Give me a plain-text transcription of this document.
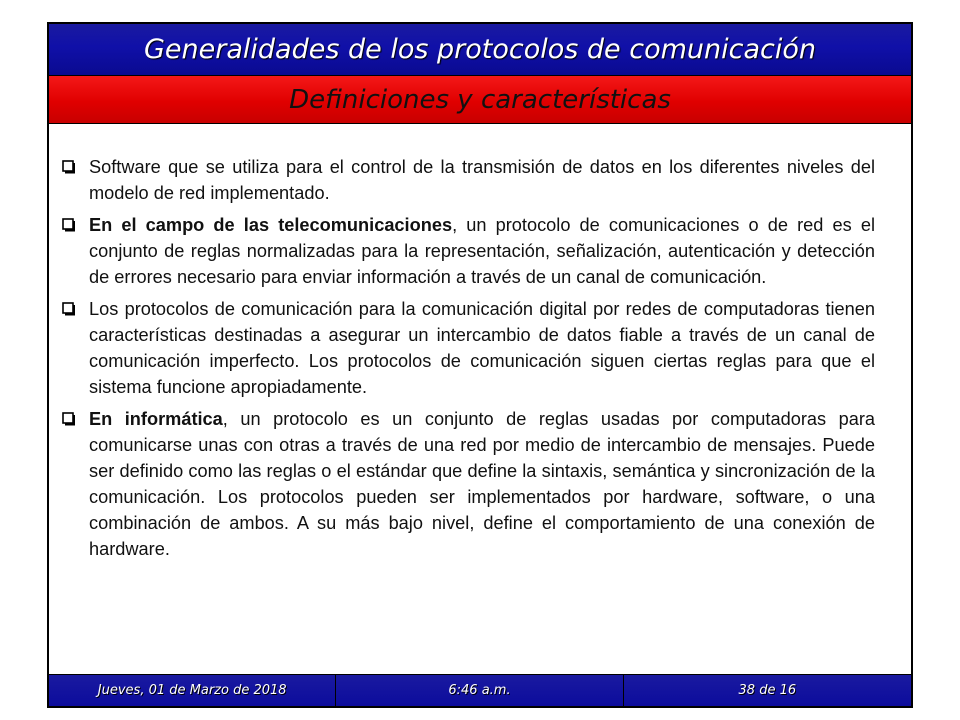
Generalidades de los protocolos de comunicación
Definiciones y características
Software que se utiliza para el control de la transmisión de datos en los diferentes niveles del modelo de red implementado.
En el campo de las telecomunicaciones, un protocolo de comunicaciones o de red es el conjunto de reglas normalizadas para la representación, señalización, autenticación y detección de errores necesario para enviar información a través de un canal de comunicación.
Los protocolos de comunicación para la comunicación digital por redes de computadoras tienen características destinadas a asegurar un intercambio de datos fiable a través de un canal de comunicación imperfecto. Los protocolos de comunicación siguen ciertas reglas para que el sistema funcione apropiadamente.
En informática, un protocolo es un conjunto de reglas usadas por computadoras para comunicarse unas con otras a través de una red por medio de intercambio de mensajes. Puede ser definido como las reglas o el estándar que define la sintaxis, semántica y sincronización de la comunicación. Los protocolos pueden ser implementados por hardware, software, o una combinación de ambos. A su más bajo nivel, define el comportamiento de una conexión de hardware.
Jueves, 01 de Marzo de 2018	6:46 a.m.	38 de 16
